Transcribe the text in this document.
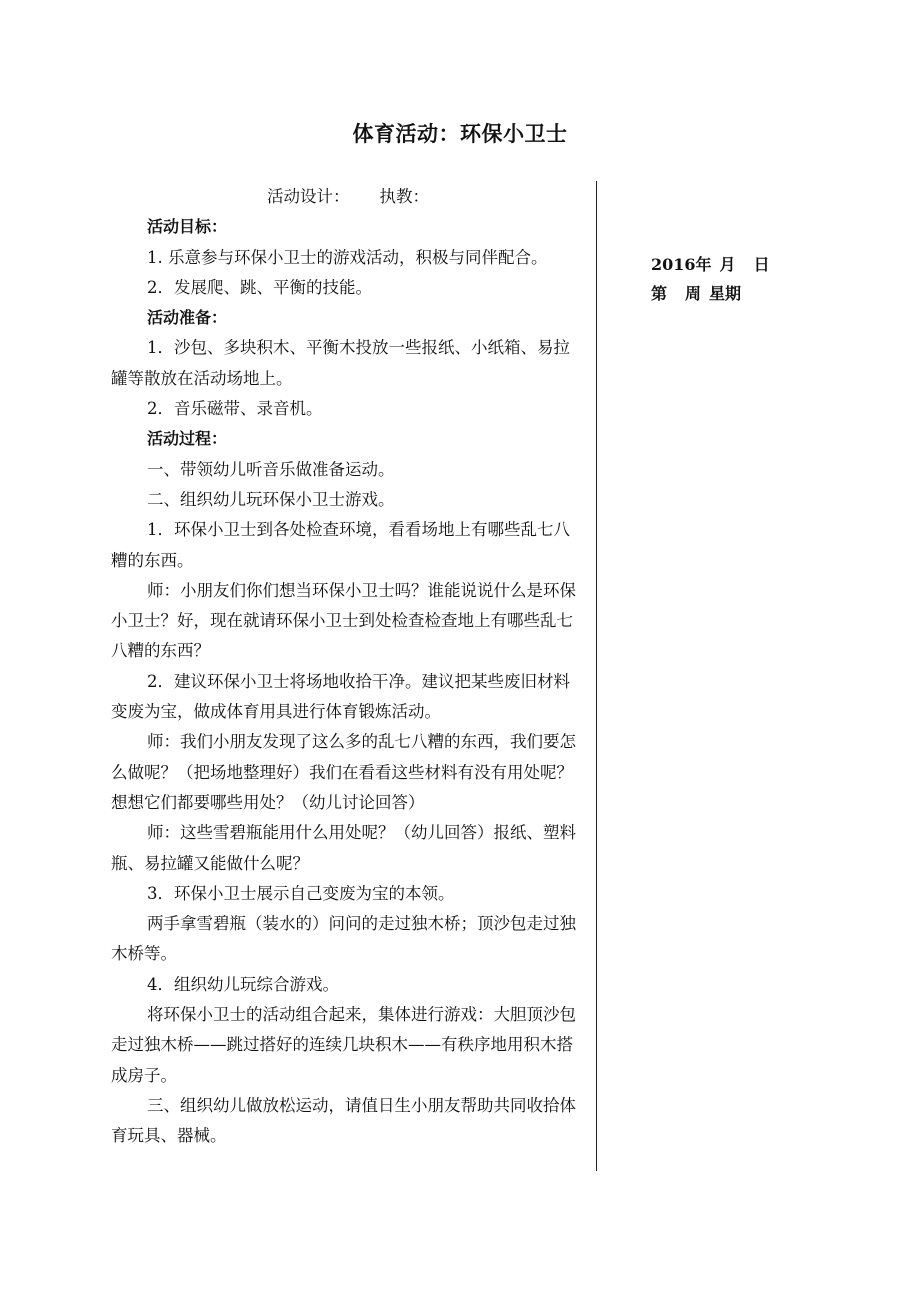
体育活动：环保小卫士

活动设计： 执教：

活动目标：

1. 乐意参与环保小卫士的游戏活动，积极与同伴配合。

2．发展爬、跳、平衡的技能。

活动准备：

1．沙包、多块积木、平衡木投放一些报纸、小纸箱、易拉罐等散放在活动场地上。

2．音乐磁带、录音机。

活动过程：

一、带领幼儿听音乐做准备运动。

二、组织幼儿玩环保小卫士游戏。

1．环保小卫士到各处检查环境，看看场地上有哪些乱七八糟的东西。

师：小朋友们你们想当环保小卫士吗？谁能说说什么是环保小卫士？好，现在就请环保小卫士到处检查检查地上有哪些乱七八糟的东西？

2．建议环保小卫士将场地收拾干净。建议把某些废旧材料变废为宝，做成体育用具进行体育锻炼活动。

师：我们小朋友发现了这么多的乱七八糟的东西，我们要怎么做呢？（把场地整理好）我们在看看这些材料有没有用处呢？想想它们都要哪些用处？（幼儿讨论回答）

师：这些雪碧瓶能用什么用处呢？（幼儿回答）报纸、塑料瓶、易拉罐又能做什么呢？

3．环保小卫士展示自己变废为宝的本领。

两手拿雪碧瓶（装水的）问问的走过独木桥；顶沙包走过独木桥等。

4．组织幼儿玩综合游戏。

将环保小卫士的活动组合起来，集体进行游戏：大胆顶沙包走过独木桥——跳过搭好的连续几块积木——有秩序地用积木搭成房子。

三、组织幼儿做放松运动，请值日生小朋友帮助共同收拾体育玩具、器械。

2016年 月 日
第 周 星期
